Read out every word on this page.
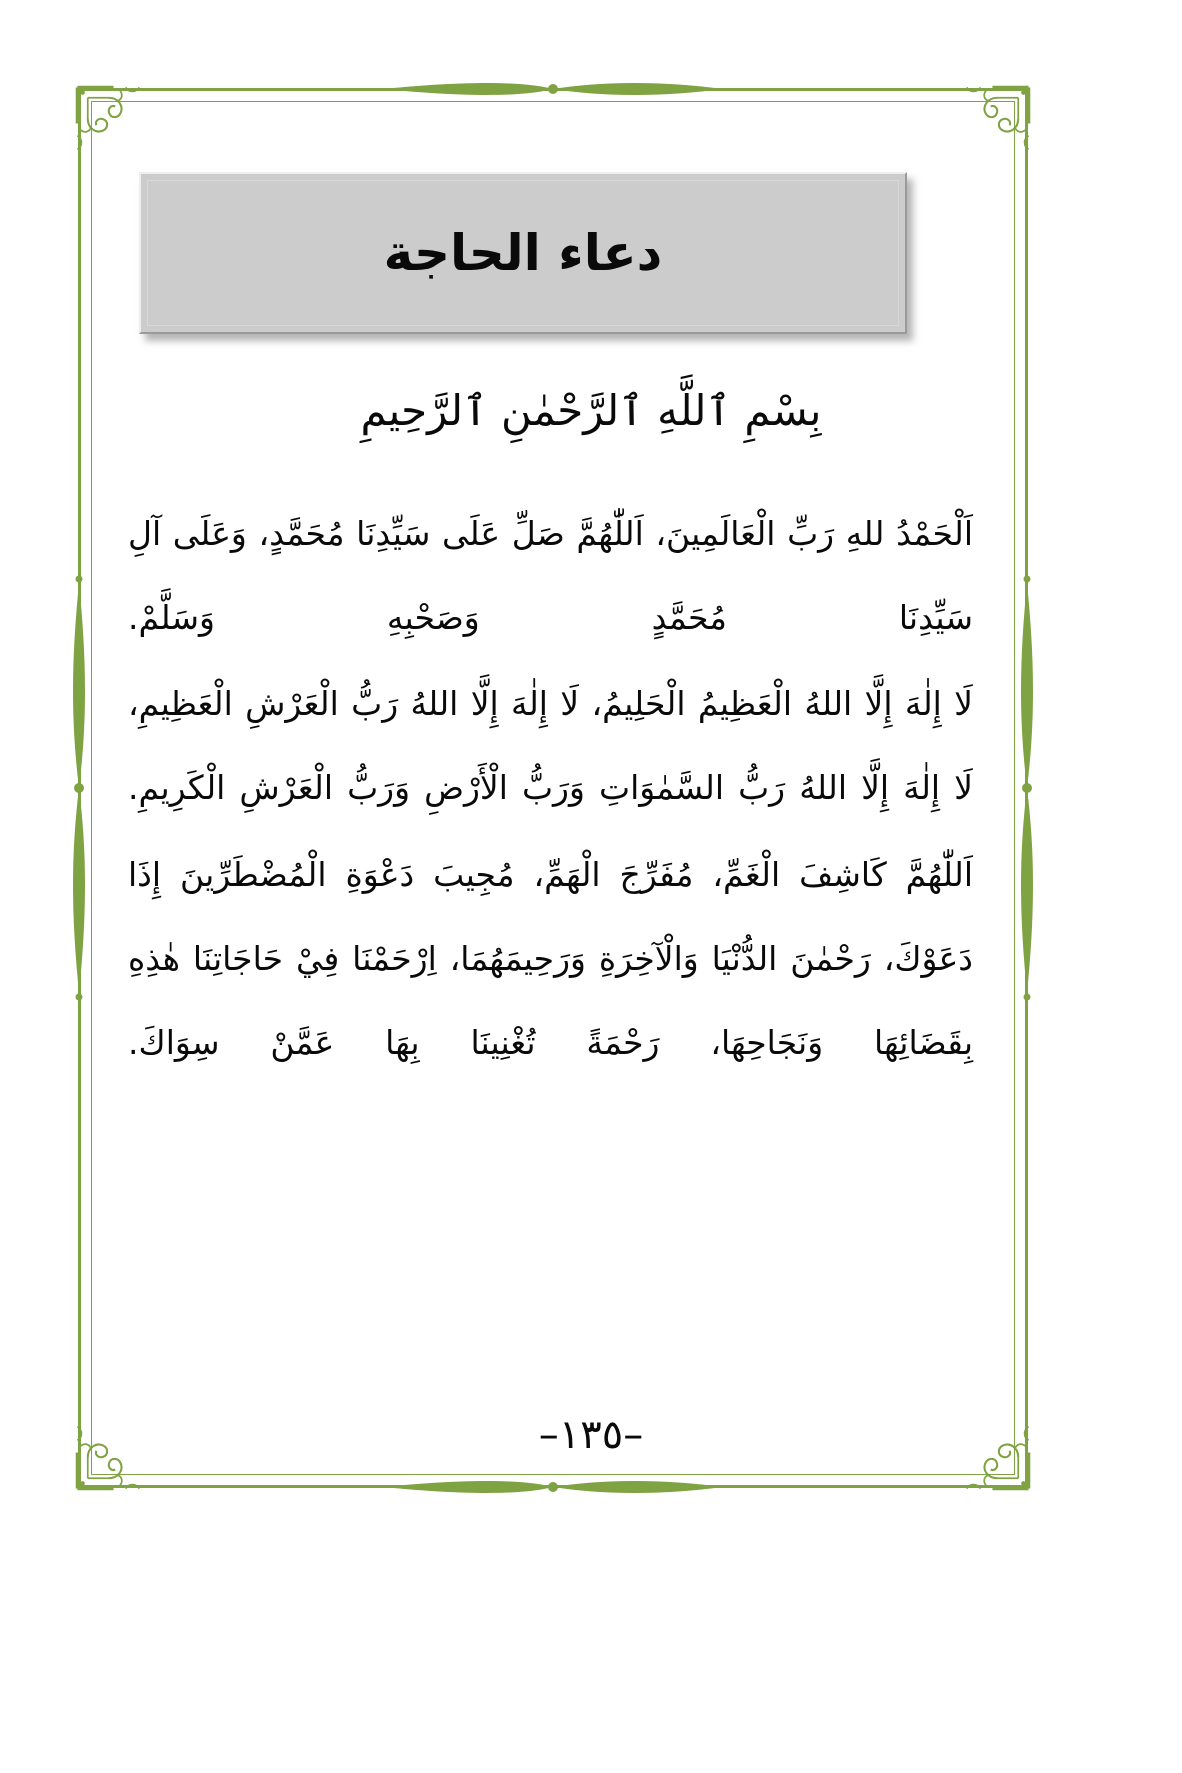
دعاء الحاجة
بِسْمِ ٱللَّهِ ٱلرَّحْمٰنِ ٱلرَّحِيمِ

اَلْحَمْدُ للهِ رَبِّ الْعَالَمِينَ، اَللّٰهُمَّ صَلِّ عَلَى سَيِّدِنَا مُحَمَّدٍ، وَعَلَى آلِ سَيِّدِنَا مُحَمَّدٍ وَصَحْبِهِ وَسَلَّمْ.

لَا إِلٰهَ إِلَّا اللهُ الْعَظِيمُ الْحَلِيمُ، لَا إِلٰهَ إِلَّا اللهُ رَبُّ الْعَرْشِ الْعَظِيمِ، لَا إِلٰهَ إِلَّا اللهُ رَبُّ السَّمٰوَاتِ وَرَبُّ الْأَرْضِ وَرَبُّ الْعَرْشِ الْكَرِيمِ.

اَللّٰهُمَّ كَاشِفَ الْغَمِّ، مُفَرِّجَ الْهَمِّ، مُجِيبَ دَعْوَةِ الْمُضْطَرِّينَ إِذَا دَعَوْكَ، رَحْمٰنَ الدُّنْيَا وَالْآخِرَةِ وَرَحِيمَهُمَا، اِرْحَمْنَا فِيْ حَاجَاتِنَا هٰذِهِ بِقَضَائِهَا وَنَجَاحِهَا، رَحْمَةً تُغْنِينَا بِهَا عَمَّنْ سِوَاكَ.

–١٣٥–
